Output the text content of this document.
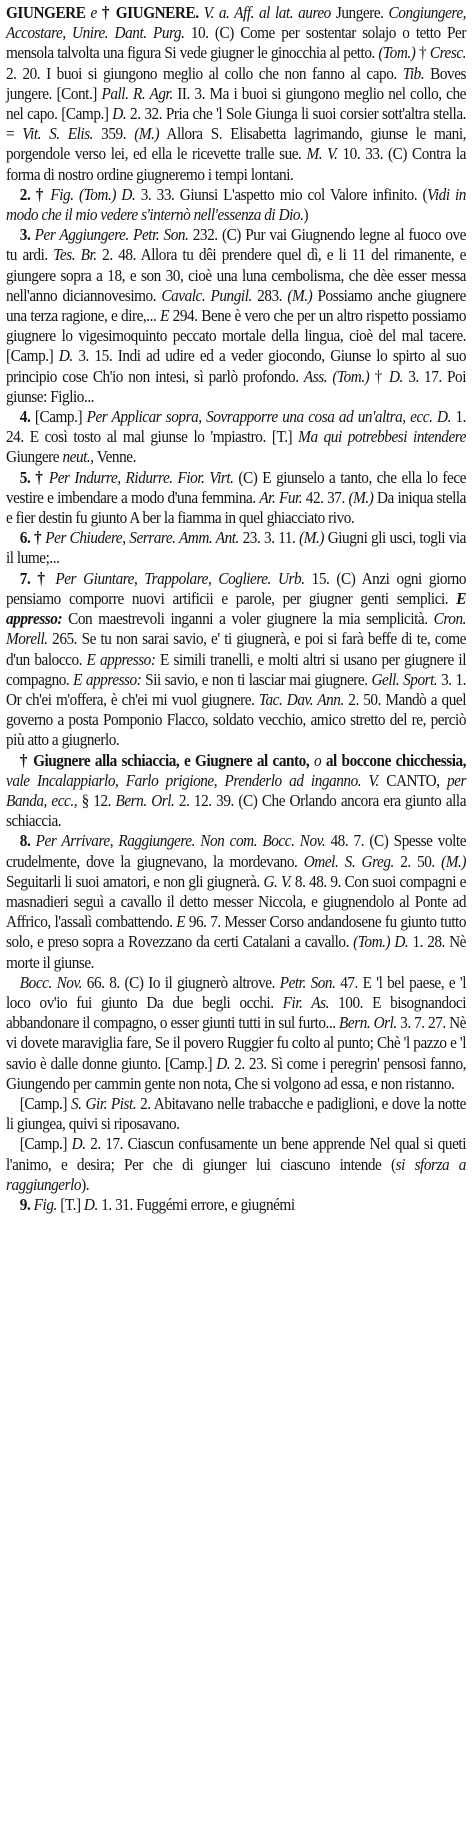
GIUNGERE e † GIUGNERE. V. a. Aff. al lat. aureo Jungere. Congiungere, Accostare, Unire. Dant. Purg. 10. (C) Come per sostentar solajo o tetto Per mensola talvolta una figura Si vede giugner le ginocchia al petto. (Tom.) † Cresc. 2. 20. I buoi si giungono meglio al collo che non fanno al capo. Tib. Boves jungere. [Cont.] Pall. R. Agr. II. 3. Ma i buoi si giungono meglio nel collo, che nel capo. [Camp.] D. 2. 32. Pria che 'l Sole Giunga li suoi corsier sott'altra stella. = Vit. S. Elis. 359. (M.) Allora S. Elisabetta lagrimando, giunse le mani, porgendole verso lei, ed ella le ricevette tralle sue. M. V. 10. 33. (C) Contra la forma di nostro ordine giugneremo i tempi lontani.

2. † Fig. (Tom.) D. 3. 33. Giunsi L'aspetto mio col Valore infinito. (Vidi in modo che il mio vedere s'internò nell'essenza di Dio.)

3. Per Aggiungere. Petr. Son. 232. (C) Pur vai Giugnendo legne al fuoco ove tu ardi. Tes. Br. 2. 48. Allora tu dêi prendere quel dì, e li 11 del rimanente, e giungere sopra a 18, e son 30, cioè una luna cembolisma, che dèe esser messa nell'anno diciannovesimo. Cavalc. Pungil. 283. (M.) Possiamo anche giugnere una terza ragione, e dire,... E 294. Bene è vero che per un altro rispetto possiamo giugnere lo vigesimoquinto peccato mortale della lingua, cioè del mal tacere. [Camp.] D. 3. 15. Indi ad udire ed a veder giocondo, Giunse lo spirto al suo principio cose Ch'io non intesi, sì parlò profondo. Ass. (Tom.) † D. 3. 17. Poi giunse: Figlio...

4. [Camp.] Per Applicar sopra, Sovrapporre una cosa ad un'altra, ecc. D. 1. 24. E così tosto al mal giunse lo 'mpiastro. [T.] Ma qui potrebbesi intendere Giungere neut., Venne.

5. † Per Indurre, Ridurre. Fior. Virt. (C) E giunselo a tanto, che ella lo fece vestire e imbendare a modo d'una femmina. Ar. Fur. 42. 37. (M.) Da iniqua stella e fier destin fu giunto A ber la fiamma in quel ghiacciato rivo.

6. † Per Chiudere, Serrare. Amm. Ant. 23. 3. 11. (M.) Giugni gli usci, togli via il lume;...

7. † Per Giuntare, Trappolare, Cogliere. Urb. 15. (C) Anzi ogni giorno pensiamo comporre nuovi artificii e parole, per giugner genti semplici. E appresso: Con maestrevoli inganni a voler giugnere la mia semplicità. Cron. Morell. 265. Se tu non sarai savio, e' ti giugnerà, e poi si farà beffe di te, come d'un balocco. E appresso: E simili tranelli, e molti altri si usano per giugnere il compagno. E appresso: Sii savio, e non ti lasciar mai giugnere. Gell. Sport. 3. 1. Or ch'ei m'offera, è ch'ei mi vuol giugnere. Tac. Dav. Ann. 2. 50. Mandò a quel governo a posta Pomponio Flacco, soldato vecchio, amico stretto del re, perciò più atto a giugnerlo.

† Giugnere alla schiaccia, e Giugnere al canto, o al boccone chicchessia, vale Incalappiarlo, Farlo prigione, Prenderlo ad inganno. V. CANTO, per Banda, ecc., § 12. Bern. Orl. 2. 12. 39. (C) Che Orlando ancora era giunto alla schiaccia.

8. Per Arrivare, Raggiungere. Non com. Bocc. Nov. 48. 7. (C) Spesse volte crudelmente, dove la giugnevano, la mordevano. Omel. S. Greg. 2. 50. (M.) Seguitarli li suoi amatori, e non gli giugnerà. G. V. 8. 48. 9. Con suoi compagni e masnadieri seguì a cavallo il detto messer Niccola, e giugnendolo al Ponte ad Affrico, l'assalì combattendo. E 96. 7. Messer Corso andandosene fu giunto tutto solo, e preso sopra a Rovezzano da certi Catalani a cavallo. (Tom.) D. 1. 28. Nè morte il giunse.

Bocc. Nov. 66. 8. (C) Io il giugnerò altrove. Petr. Son. 47. E 'l bel paese, e 'l loco ov'io fui giunto Da due begli occhi. Fir. As. 100. E bisognandoci abbandonare il compagno, o esser giunti tutti in sul furto... Bern. Orl. 3. 7. 27. Nè vi dovete maraviglia fare, Se il povero Ruggier fu colto al punto; Chè 'l pazzo e 'l savio è dalle donne giunto. [Camp.] D. 2. 23. Sì come i peregrin' pensosi fanno, Giungendo per cammin gente non nota, Che si volgono ad essa, e non ristanno.

[Camp.] S. Gir. Pist. 2. Abitavano nelle trabacche e padiglioni, e dove la notte li giungea, quivi si riposavano.

[Camp.] D. 2. 17. Ciascun confusamente un bene apprende Nel qual si queti l'animo, e desira; Per che di giunger lui ciascuno intende (si sforza a raggiungerlo).

9. Fig. [T.] D. 1. 31. Fuggémi errore, e giugnémi
